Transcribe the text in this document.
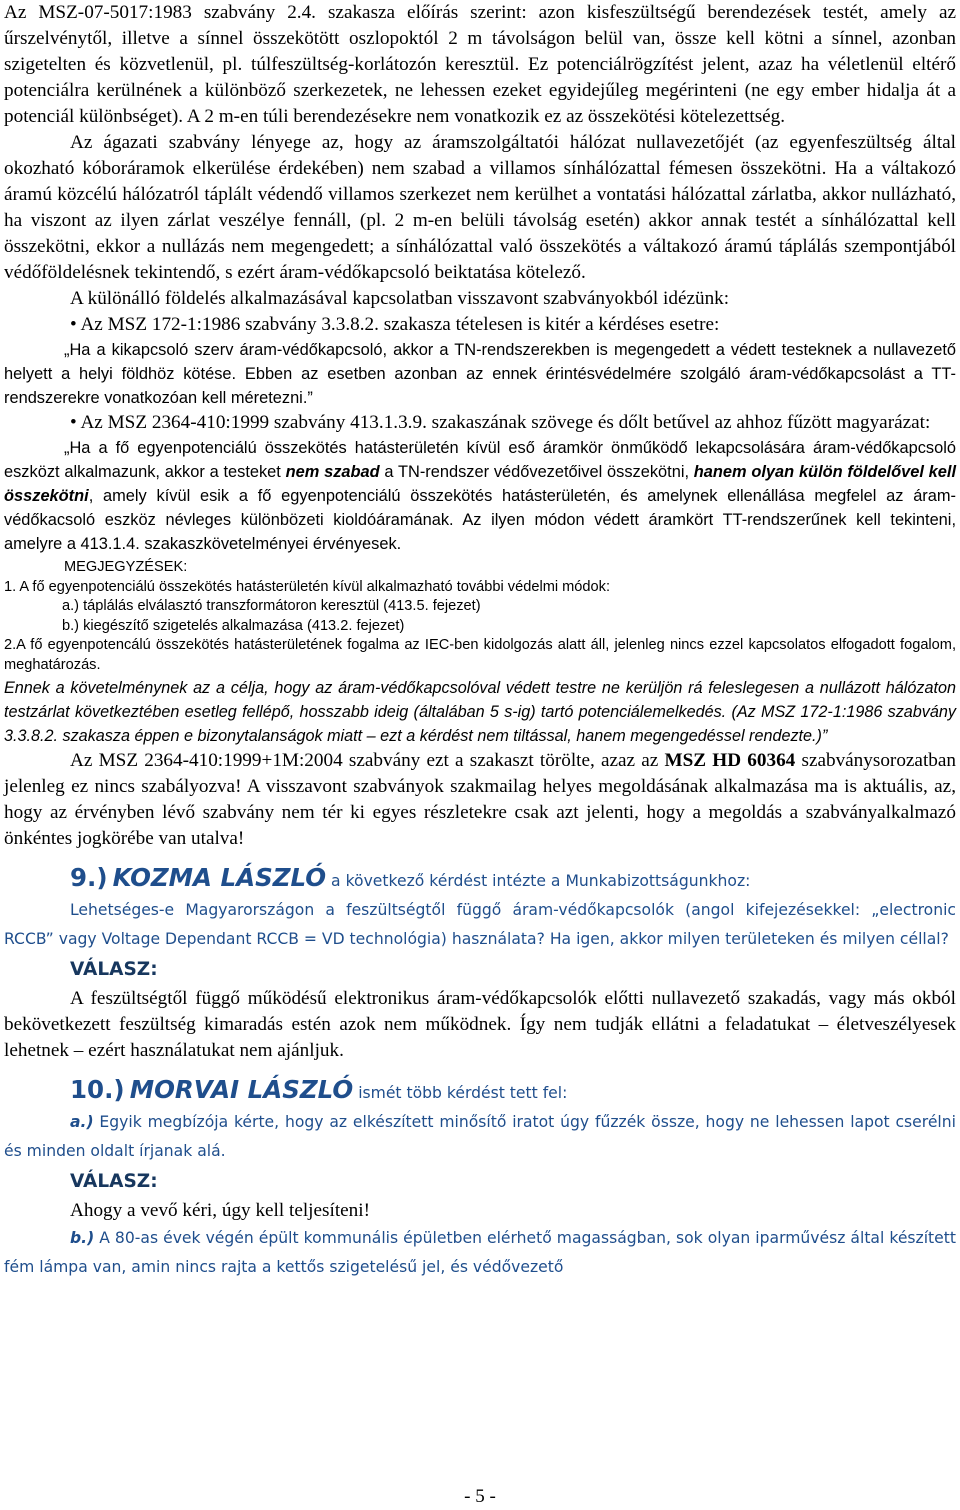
Az MSZ-07-5017:1983 szabvány 2.4. szakasza előírás szerint: azon kisfeszültségű berendezések testét, amely az űrszelvénytől, illetve a sínnel összekötött oszlopoktól 2 m távolságon belül van, össze kell kötni a sínnel, azonban szigetelten és közvetlenül, pl. túlfeszültség-korlátozón keresztül. Ez potenciálrögzítést jelent, azaz ha véletlenül eltérő potenciálra kerülnének a különböző szerkezetek, ne lehessen ezeket egyidejűleg megérinteni (ne egy ember hidalja át a potenciál különbséget). A 2 m-en túli berendezésekre nem vonatkozik ez az összekötési kötelezettség.

Az ágazati szabvány lényege az, hogy az áramszolgáltatói hálózat nullavezetőjét (az egyenfeszültség által okozható kóboráramok elkerülése érdekében) nem szabad a villamos sínhálózattal fémesen összekötni. Ha a váltakozó áramú közcélú hálózatról táplált védendő villamos szerkezet nem kerülhet a vontatási hálózattal zárlatba, akkor nullázható, ha viszont az ilyen zárlat veszélye fennáll, (pl. 2 m-en belüli távolság esetén) akkor annak testét a sínhálózattal kell összekötni, ekkor a nullázás nem megengedett; a sínhálózattal való összekötés a váltakozó áramú táplálás szempontjából védőföldelésnek tekintendő, s ezért áram-védőkapcsoló beiktatása kötelező.

A különálló földelés alkalmazásával kapcsolatban visszavont szabványokból idézünk:

• Az MSZ 172-1:1986 szabvány 3.3.8.2. szakasza tételesen is kitér a kérdéses esetre:

„Ha a kikapcsoló szerv áram-védőkapcsoló, akkor a TN-rendszerekben is megengedett a védett testeknek a nullavezető helyett a helyi földhöz kötése. Ebben az esetben azonban az ennek érintésvédelmére szolgáló áram-védőkapcsolást a TT-rendszerekre vonatkozóan kell méretezni.”

• Az MSZ 2364-410:1999 szabvány 413.1.3.9. szakaszának szövege és dőlt betűvel az ahhoz fűzött magyarázat:

„Ha a fő egyenpotenciálú összekötés hatásterületén kívül eső áramkör önműködő lekapcsolására áram-védőkapcsoló eszközt alkalmazunk, akkor a testeket nem szabad a TN-rendszer védővezetőivel összekötni, hanem olyan külön földelővel kell összekötni, amely kívül esik a fő egyenpotenciálú összekötés hatásterületén, és amelynek ellenállása megfelel az áram-védőkacsoló eszköz névleges különbözeti kioldóáramának. Az ilyen módon védett áramkört TT-rendszerűnek kell tekinteni, amelyre a 413.1.4. szakaszkövetelményei érvényesek.

MEGJEGYZÉSEK:

1. A fő egyenpotenciálú összekötés hatásterületén kívül alkalmazható további védelmi módok:

a.) táplálás elválasztó transzformátoron keresztül (413.5. fejezet)

b.) kiegészítő szigetelés alkalmazása (413.2. fejezet)

2.A fő egyenpotencálú összekötés hatásterületének fogalma az IEC-ben kidolgozás alatt áll, jelenleg nincs ezzel kapcsolatos elfogadott fogalom, meghatározás.

Ennek a követelménynek az a célja, hogy az áram-védőkapcsolóval védett testre ne kerüljön rá feleslegesen a nullázott hálózaton testzárlat következtében esetleg fellépő, hosszabb ideig (általában 5 s-ig) tartó potenciálemelkedés. (Az MSZ 172-1:1986 szabvány 3.3.8.2. szakasza éppen e bizonytalanságok miatt – ezt a kérdést nem tiltással, hanem megengedéssel rendezte.)”

Az MSZ 2364-410:1999+1M:2004 szabvány ezt a szakaszt törölte, azaz az MSZ HD 60364 szabványsorozatban jelenleg ez nincs szabályozva! A visszavont szabványok szakmailag helyes megoldásának alkalmazása ma is aktuális, az, hogy az érvényben lévő szabvány nem tér ki egyes részletekre csak azt jelenti, hogy a megoldás a szabványalkalmazó önkéntes jogkörébe van utalva!

9.) KOZMA LÁSZLÓ a következő kérdést intézte a Munkabizottságunkhoz:

Lehetséges-e Magyarországon a feszültségtől függő áram-védőkapcsolók (angol kifejezésekkel: „electronic RCCB” vagy Voltage Dependant RCCB = VD technológia) használata? Ha igen, akkor milyen területeken és milyen céllal?

VÁLASZ:

A feszültségtől függő működésű elektronikus áram-védőkapcsolók előtti nullavezető szakadás, vagy más okból bekövetkezett feszültség kimaradás estén azok nem működnek. Így nem tudják ellátni a feladatukat – életveszélyesek lehetnek – ezért használatukat nem ajánljuk.

10.) MORVAI LÁSZLÓ ismét több kérdést tett fel:

a.) Egyik megbízója kérte, hogy az elkészített minősítő iratot úgy fűzzék össze, hogy ne lehessen lapot cserélni és minden oldalt írjanak alá.

VÁLASZ:

Ahogy a vevő kéri, úgy kell teljesíteni!

b.) A 80-as évek végén épült kommunális épületben elérhető magasságban, sok olyan iparművész által készített fém lámpa van, amin nincs rajta a kettős szigetelésű jel, és védővezető

- 5 -
